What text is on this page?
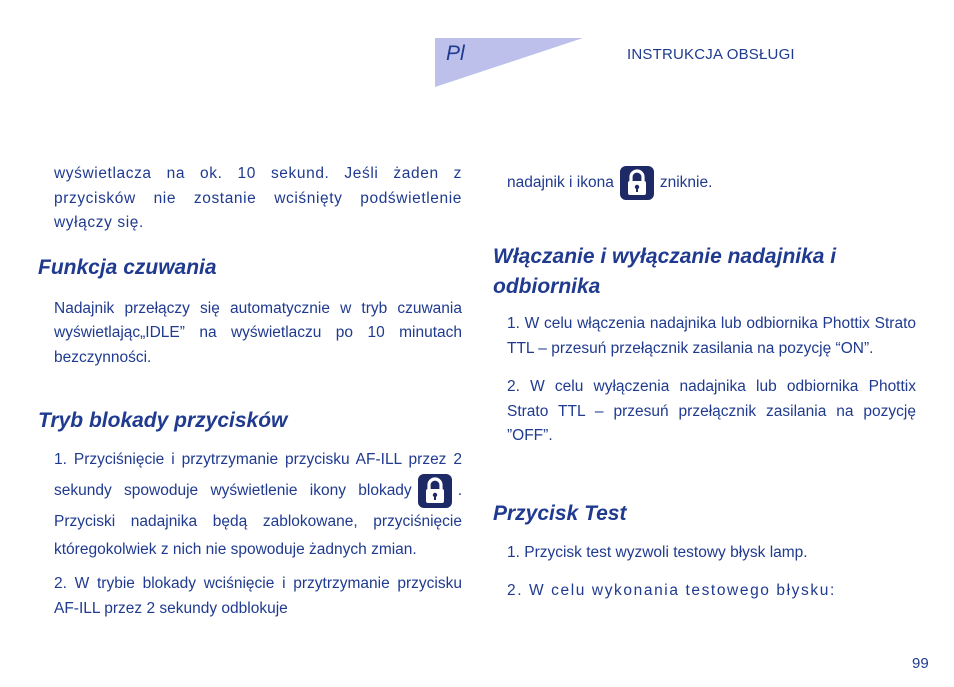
Pl	INSTRUKCJA OBSŁUGI

wyświetlacza na ok. 10 sekund. Jeśli żaden z przycisków nie zostanie wciśnięty podświetlenie wyłączy się.

Funkcja czuwania

Nadajnik przełączy się automatycznie w tryb czuwania wyświetlając„IDLE” na wyświetlaczu po 10 minutach bezczynności.

Tryb blokady przycisków

1. Przyciśnięcie i przytrzymanie przycisku AF-ILL przez 2 sekundy spowoduje wyświetlenie ikony blokady	. Przyciski nadajnika będą zablokowane, przyciśnięcie któregokolwiek z nich nie spowoduje żadnych zmian.

2. W trybie blokady wciśnięcie i przytrzymanie przycisku AF-ILL przez 2 sekundy odblokuje

nadajnik i ikona	zniknie.

Włączanie i wyłączanie nadajnika i odbiornika

1. W celu włączenia nadajnika lub odbiornika Phottix Strato TTL – przesuń przełącznik zasilania na pozycję “ON”.

2. W celu wyłączenia nadajnika lub odbiornika Phottix Strato TTL – przesuń przełącznik zasilania na pozycję ”OFF”.

Przycisk Test

1. Przycisk test wyzwoli testowy błysk lamp.

2. W celu wykonania testowego błysku:

99
